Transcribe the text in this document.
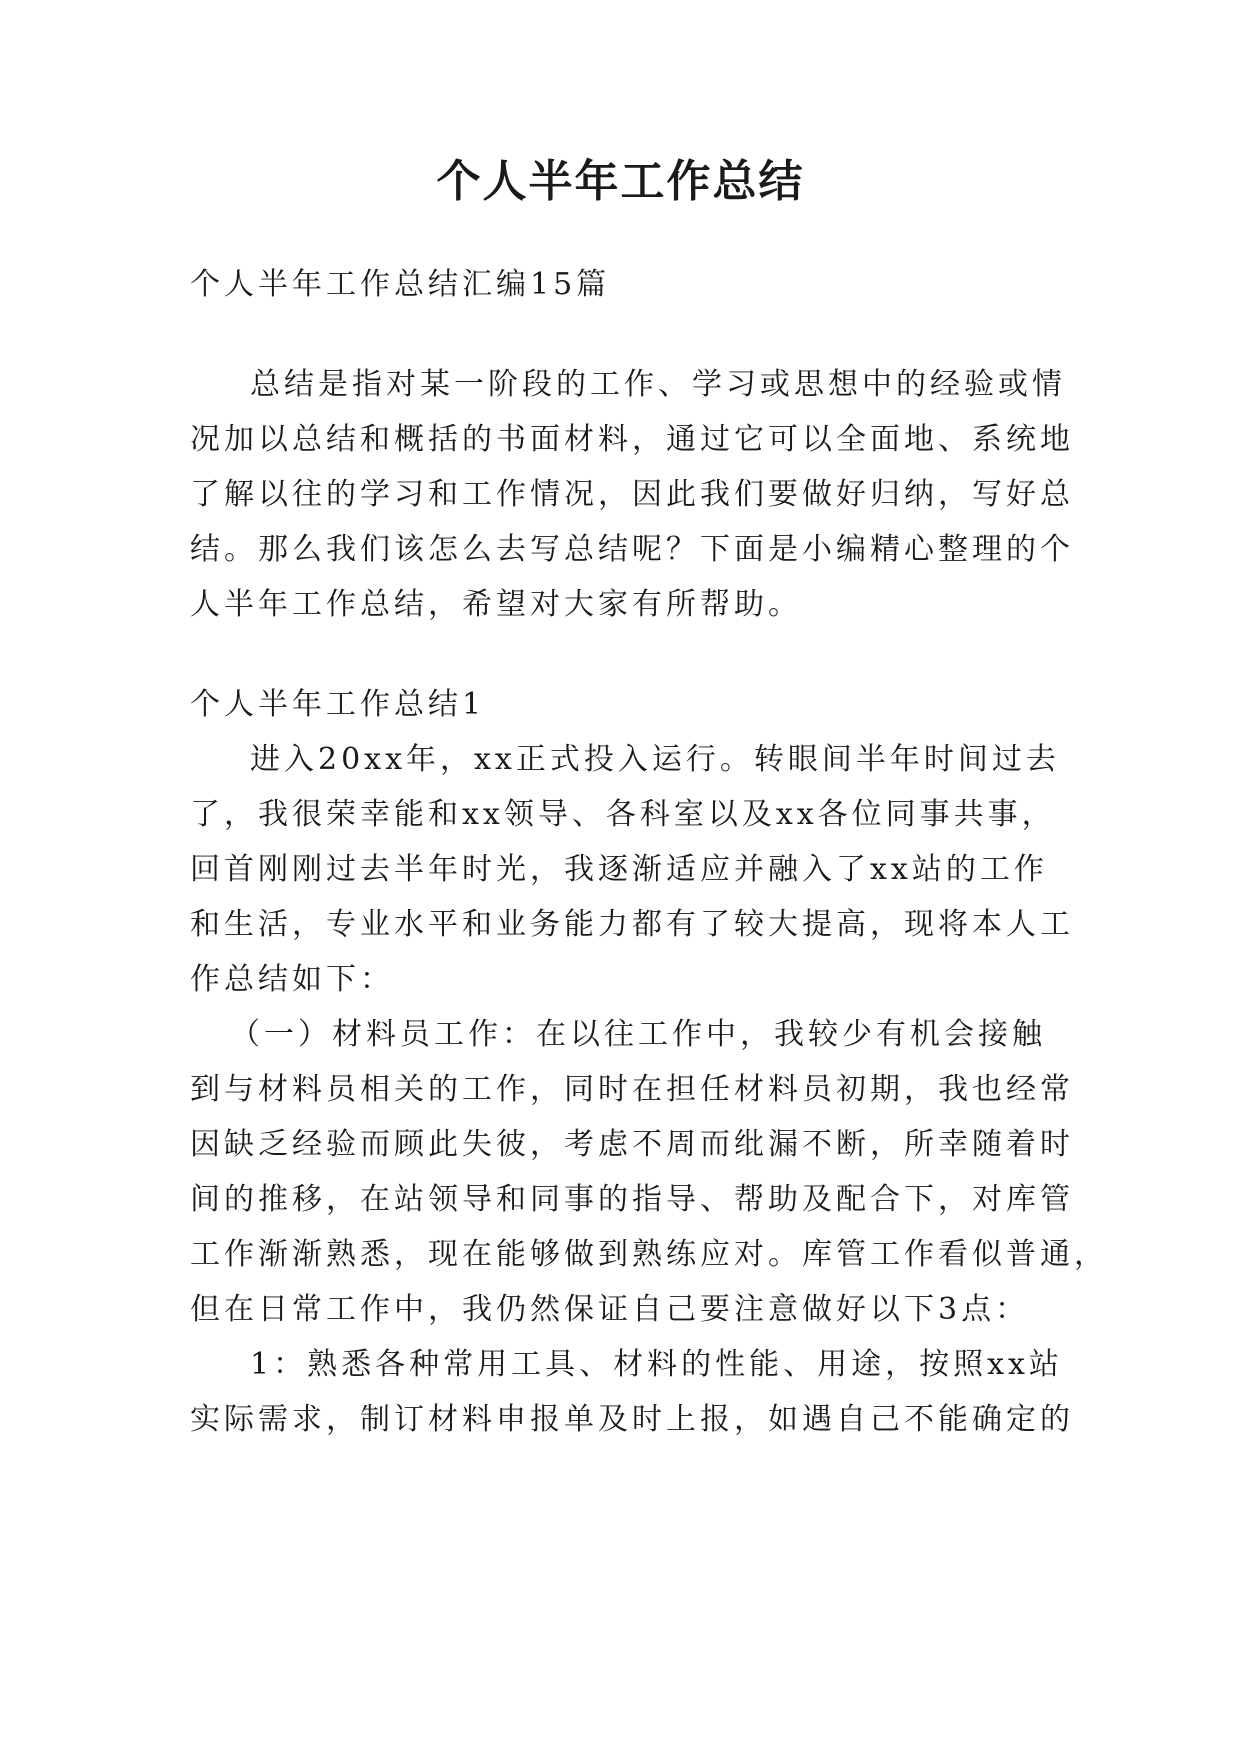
个人半年工作总结
个人半年工作总结汇编15篇
总结是指对某一阶段的工作、学习或思想中的经验或情
况加以总结和概括的书面材料，通过它可以全面地、系统地
了解以往的学习和工作情况，因此我们要做好归纳，写好总
结。那么我们该怎么去写总结呢？下面是小编精心整理的个
人半年工作总结，希望对大家有所帮助。
个人半年工作总结1
进入20xx年，xx正式投入运行。转眼间半年时间过去
了，我很荣幸能和xx领导、各科室以及xx各位同事共事，
回首刚刚过去半年时光，我逐渐适应并融入了xx站的工作
和生活，专业水平和业务能力都有了较大提高，现将本人工
作总结如下：
（一）材料员工作：在以往工作中，我较少有机会接触
到与材料员相关的工作，同时在担任材料员初期，我也经常
因缺乏经验而顾此失彼，考虑不周而纰漏不断，所幸随着时
间的推移，在站领导和同事的指导、帮助及配合下，对库管
工作渐渐熟悉，现在能够做到熟练应对。库管工作看似普通，
但在日常工作中，我仍然保证自己要注意做好以下3点：
1：熟悉各种常用工具、材料的性能、用途，按照xx站
实际需求，制订材料申报单及时上报，如遇自己不能确定的
